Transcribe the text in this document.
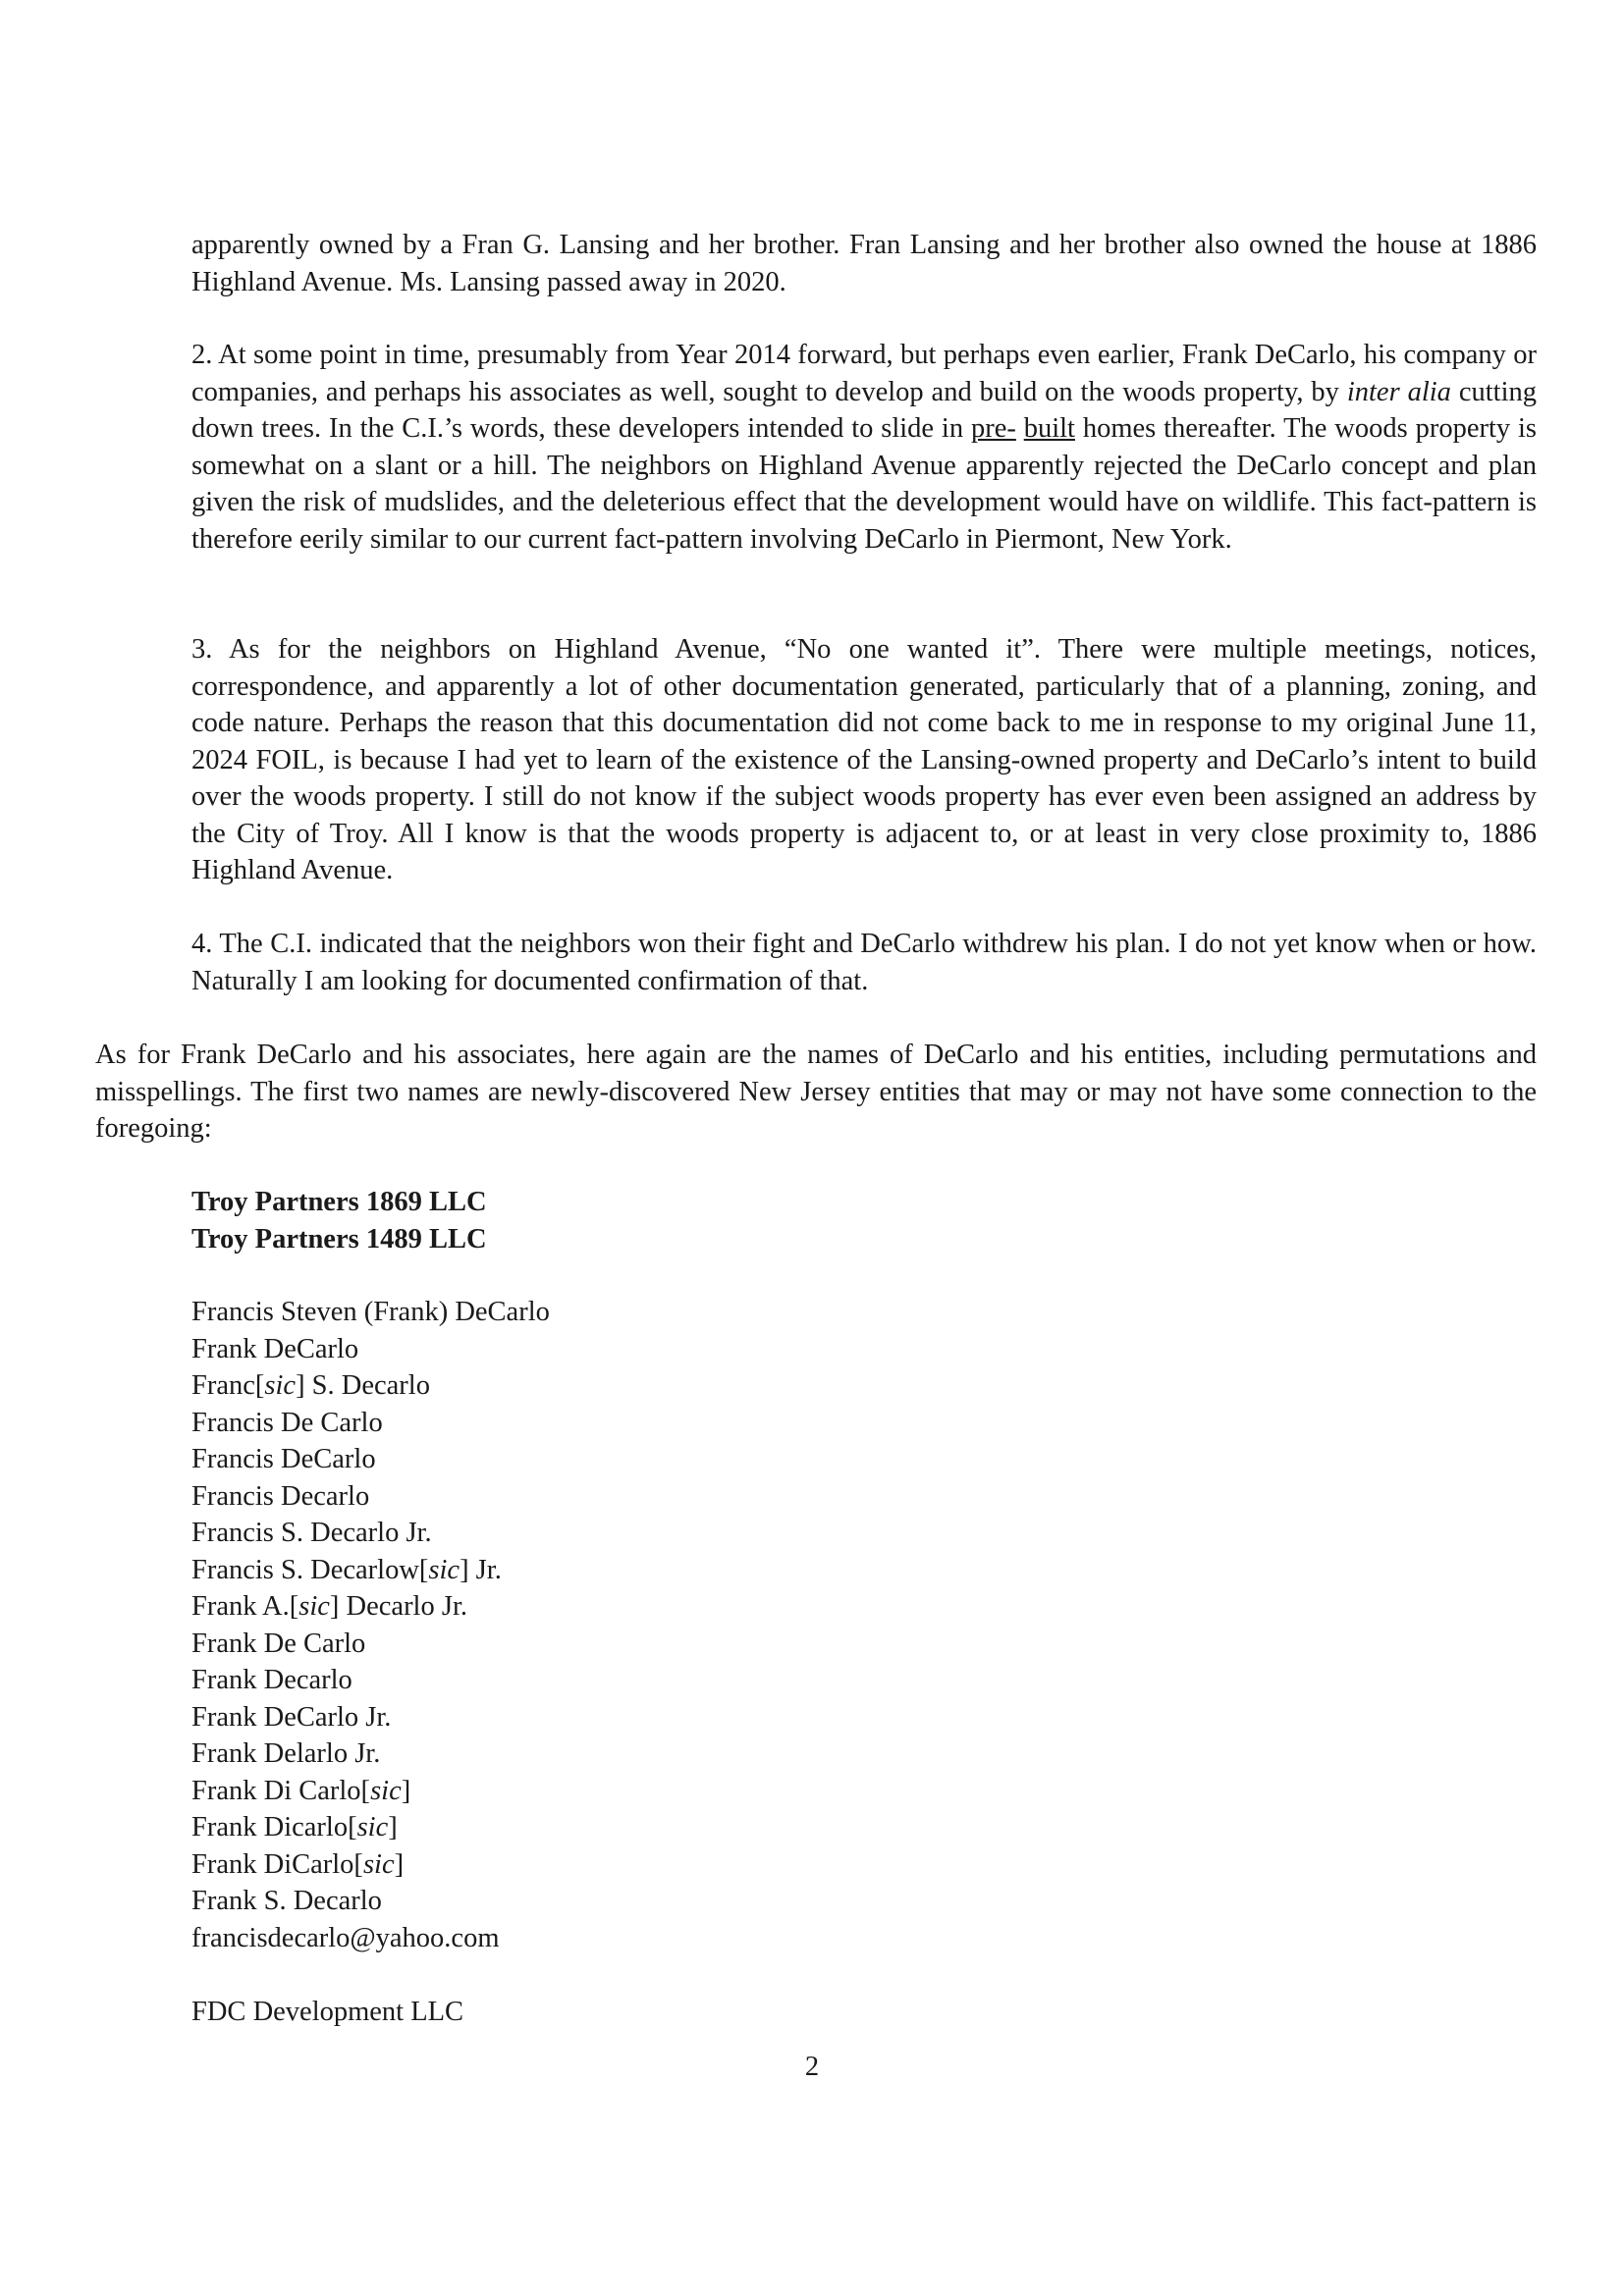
apparently owned by a Fran G. Lansing and her brother. Fran Lansing and her brother also owned the house at 1886 Highland Avenue. Ms. Lansing passed away in 2020.

2. At some point in time, presumably from Year 2014 forward, but perhaps even earlier, Frank DeCarlo, his company or companies, and perhaps his associates as well, sought to develop and build on the woods property, by inter alia cutting down trees. In the C.I.’s words, these developers intended to slide in pre- built homes thereafter. The woods property is somewhat on a slant or a hill. The neighbors on Highland Avenue apparently rejected the DeCarlo concept and plan given the risk of mudslides, and the deleterious effect that the development would have on wildlife. This fact-pattern is therefore eerily similar to our current fact-pattern involving DeCarlo in Piermont, New York.

3. As for the neighbors on Highland Avenue, “No one wanted it”. There were multiple meetings, notices, correspondence, and apparently a lot of other documentation generated, particularly that of a planning, zoning, and code nature. Perhaps the reason that this documentation did not come back to me in response to my original June 11, 2024 FOIL, is because I had yet to learn of the existence of the Lansing-owned property and DeCarlo’s intent to build over the woods property. I still do not know if the subject woods property has ever even been assigned an address by the City of Troy. All I know is that the woods property is adjacent to, or at least in very close proximity to, 1886 Highland Avenue.

4. The C.I. indicated that the neighbors won their fight and DeCarlo withdrew his plan. I do not yet know when or how. Naturally I am looking for documented confirmation of that.

As for Frank DeCarlo and his associates, here again are the names of DeCarlo and his entities, including permutations and misspellings. The first two names are newly-discovered New Jersey entities that may or may not have some connection to the foregoing:

Troy Partners 1869 LLC
Troy Partners 1489 LLC
Francis Steven (Frank) DeCarlo
Frank DeCarlo
Franc[sic] S. Decarlo
Francis De Carlo
Francis DeCarlo
Francis Decarlo
Francis S. Decarlo Jr.
Francis S. Decarlow[sic] Jr.
Frank A.[sic] Decarlo Jr.
Frank De Carlo
Frank Decarlo
Frank DeCarlo Jr.
Frank Delarlo Jr.
Frank Di Carlo[sic]
Frank Dicarlo[sic]
Frank DiCarlo[sic]
Frank S. Decarlo
francisdecarlo@yahoo.com

FDC Development LLC

2
